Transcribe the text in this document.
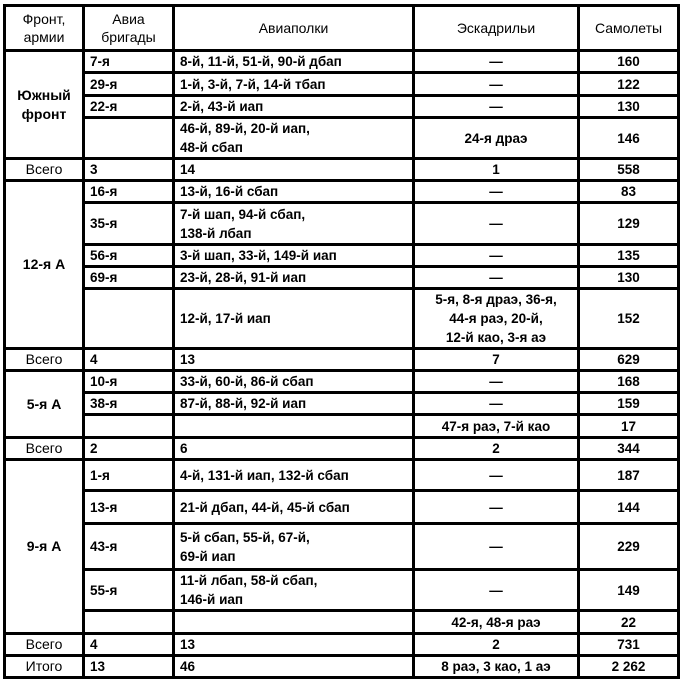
Фронт, армии	Авиа бригады	Авиаполки	Эскадрильи	Самолеты
Южный фронт	7-я	8-й, 11-й, 51-й, 90-й дбап	—	160
	29-я	1-й, 3-й, 7-й, 14-й тбап	—	122
	22-я	2-й, 43-й иап	—	130
		46-й, 89-й, 20-й иап,
48-й сбап	24-я драэ	146
Всего	3	14	1	558
12-я А	16-я	13-й, 16-й сбап	—	83
	35-я	7-й шап, 94-й сбап,
138-й лбап	—	129
	56-я	3-й шап, 33-й, 149-й иап	—	135
	69-я	23-й, 28-й, 91-й иап	—	130
		12-й, 17-й иап	5-я, 8-я драэ, 36-я,
44-я раэ, 20-й,
12-й као, 3-я аэ	152
Всего	4	13	7	629
5-я А	10-я	33-й, 60-й, 86-й сбап	—	168
	38-я	87-й, 88-й, 92-й иап	—	159
			47-я раэ, 7-й као	17
Всего	2	6	2	344
9-я А	1-я	4-й, 131-й иап, 132-й сбап	—	187
	13-я	21-й дбап, 44-й, 45-й сбап	—	144
	43-я	5-й сбап, 55-й, 67-й,
69-й иап	—	229
	55-я	11-й лбап, 58-й сбап,
146-й иап	—	149
			42-я, 48-я раэ	22
Всего	4	13	2	731
Итого	13	46	8 раэ, 3 као, 1 аэ	2 262
